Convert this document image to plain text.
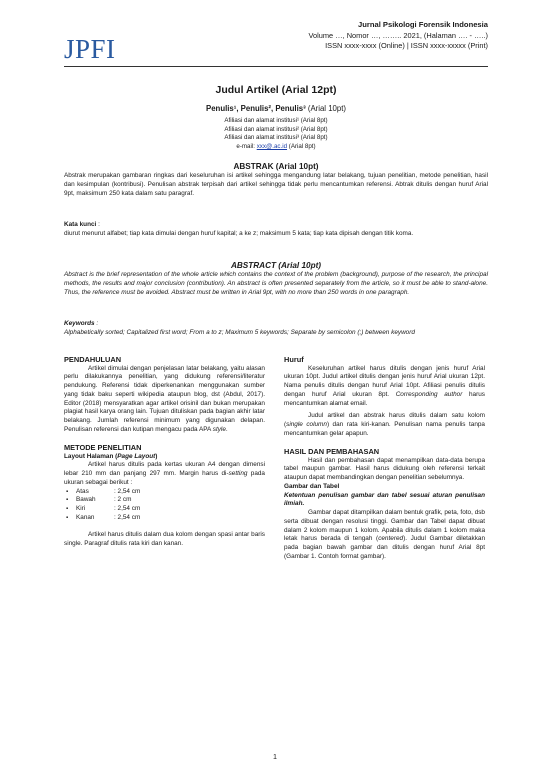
JPFI
Jurnal Psikologi Forensik Indonesia
Volume …, Nomor …, …….. 2021, (Halaman …. - …..)
ISSN xxxx-xxxx (Online) | ISSN xxxx-xxxxx (Print)
Judul Artikel (Arial 12pt)
Penulis¹, Penulis², Penulis³ (Arial 10pt)
Afiliasi dan alamat institusi¹ (Arial 8pt)
Afiliasi dan alamat institusi² (Arial 8pt)
Afiliasi dan alamat institusi³ (Arial 8pt)
e-mail: xxx@.ac.id (Arial 8pt)
ABSTRAK (Arial 10pt)
Abstrak merupakan gambaran ringkas dari keseluruhan isi artikel sehingga mengandung latar belakang, tujuan penelitian, metode penelitian, hasil dan kesimpulan (kontribusi). Penulisan abstrak terpisah dari artikel sehingga tidak perlu mencantumkan referensi. Abtrak ditulis dengan huruf Arial 9pt, maksimum 250 kata dalam satu paragraf.
Kata kunci :
diurut menurut alfabet; tiap kata dimulai dengan huruf kapital; a ke z; maksimum 5 kata; tiap kata dipisah dengan titik koma.
ABSTRACT (Arial 10pt)
Abstract is the brief representation of the whole article which contains the context of the problem (background), purpose of the research, the principal methods, the results and major conclusion (contribution). An abstract is often presented separately from the article, so it must be able to stand-alone. Thus, the reference must be avoided. Abstract must be written in Arial 9pt, with no more than 250 words in one paragraph.
Keywords :
Alphabetically sorted; Capitalized first word; From a to z; Maximum 5 keywords; Separate by semicolon (;) between keyword
PENDAHULUAN

Artikel dimulai dengan penjelasan latar belakang, yaitu alasan perlu dilakukannya penelitian, yang didukung referensi/literatur pendukung. Referensi tidak diperkenankan menggunakan sumber yang tidak baku seperti wikipedia ataupun blog, dst (Abdul, 2017). Editor (2018) mensyaratkan agar artikel orisinil dan bukan merupakan plagiat hasil karya orang lain. Tujuan dituliskan pada bagian akhir latar belakang. Jumlah referensi minimum yang digunakan delapan. Penulisan referensi dan kutipan mengacu pada APA style.

METODE PENELITIAN

Layout Halaman (Page Layout)

Artikel harus ditulis pada kertas ukuran A4 dengan dimensi lebar 210 mm dan panjang 297 mm. Margin harus di-setting pada ukuran sebagai berikut :

▪ Atas	: 2,54 cm
▪ Bawah	: 2 cm
▪ Kiri	: 2,54 cm
▪ Kanan	: 2,54 cm

Artikel harus ditulis dalam dua kolom dengan spasi antar baris single. Paragraf ditulis rata kiri dan kanan.

Huruf

Keseluruhan artikel harus ditulis dengan jenis huruf Arial ukuran 10pt. Judul artikel ditulis dengan jenis huruf Arial ukuran 12pt. Nama penulis ditulis dengan huruf Arial 10pt. Afiliasi penulis ditulis dengan huruf Arial ukuran 8pt. Corresponding author harus mencantumkan alamat email.

Judul artikel dan abstrak harus ditulis dalam satu kolom (single column) dan rata kiri-kanan. Penulisan nama penulis tanpa mencantumkan gelar apapun.

HASIL DAN PEMBAHASAN

Hasil dan pembahasan dapat menampilkan data-data berupa tabel maupun gambar. Hasil harus didukung oleh referensi terkait ataupun dapat membandingkan dengan penelitian sebelumnya.

Gambar dan Tabel

Ketentuan penulisan gambar dan tabel sesuai aturan penulisan ilmiah.

Gambar dapat ditampilkan dalam bentuk grafik, peta, foto, dsb serta dibuat dengan resolusi tinggi. Gambar dan Tabel dapat dibuat dalam 2 kolom maupun 1 kolom. Apabila ditulis dalam 1 kolom maka letak harus berada di tengah (centered). Judul Gambar diletakkan pada bagian bawah gambar dan ditulis dengan huruf Arial 8pt (Gambar 1. Contoh format gambar).

1
